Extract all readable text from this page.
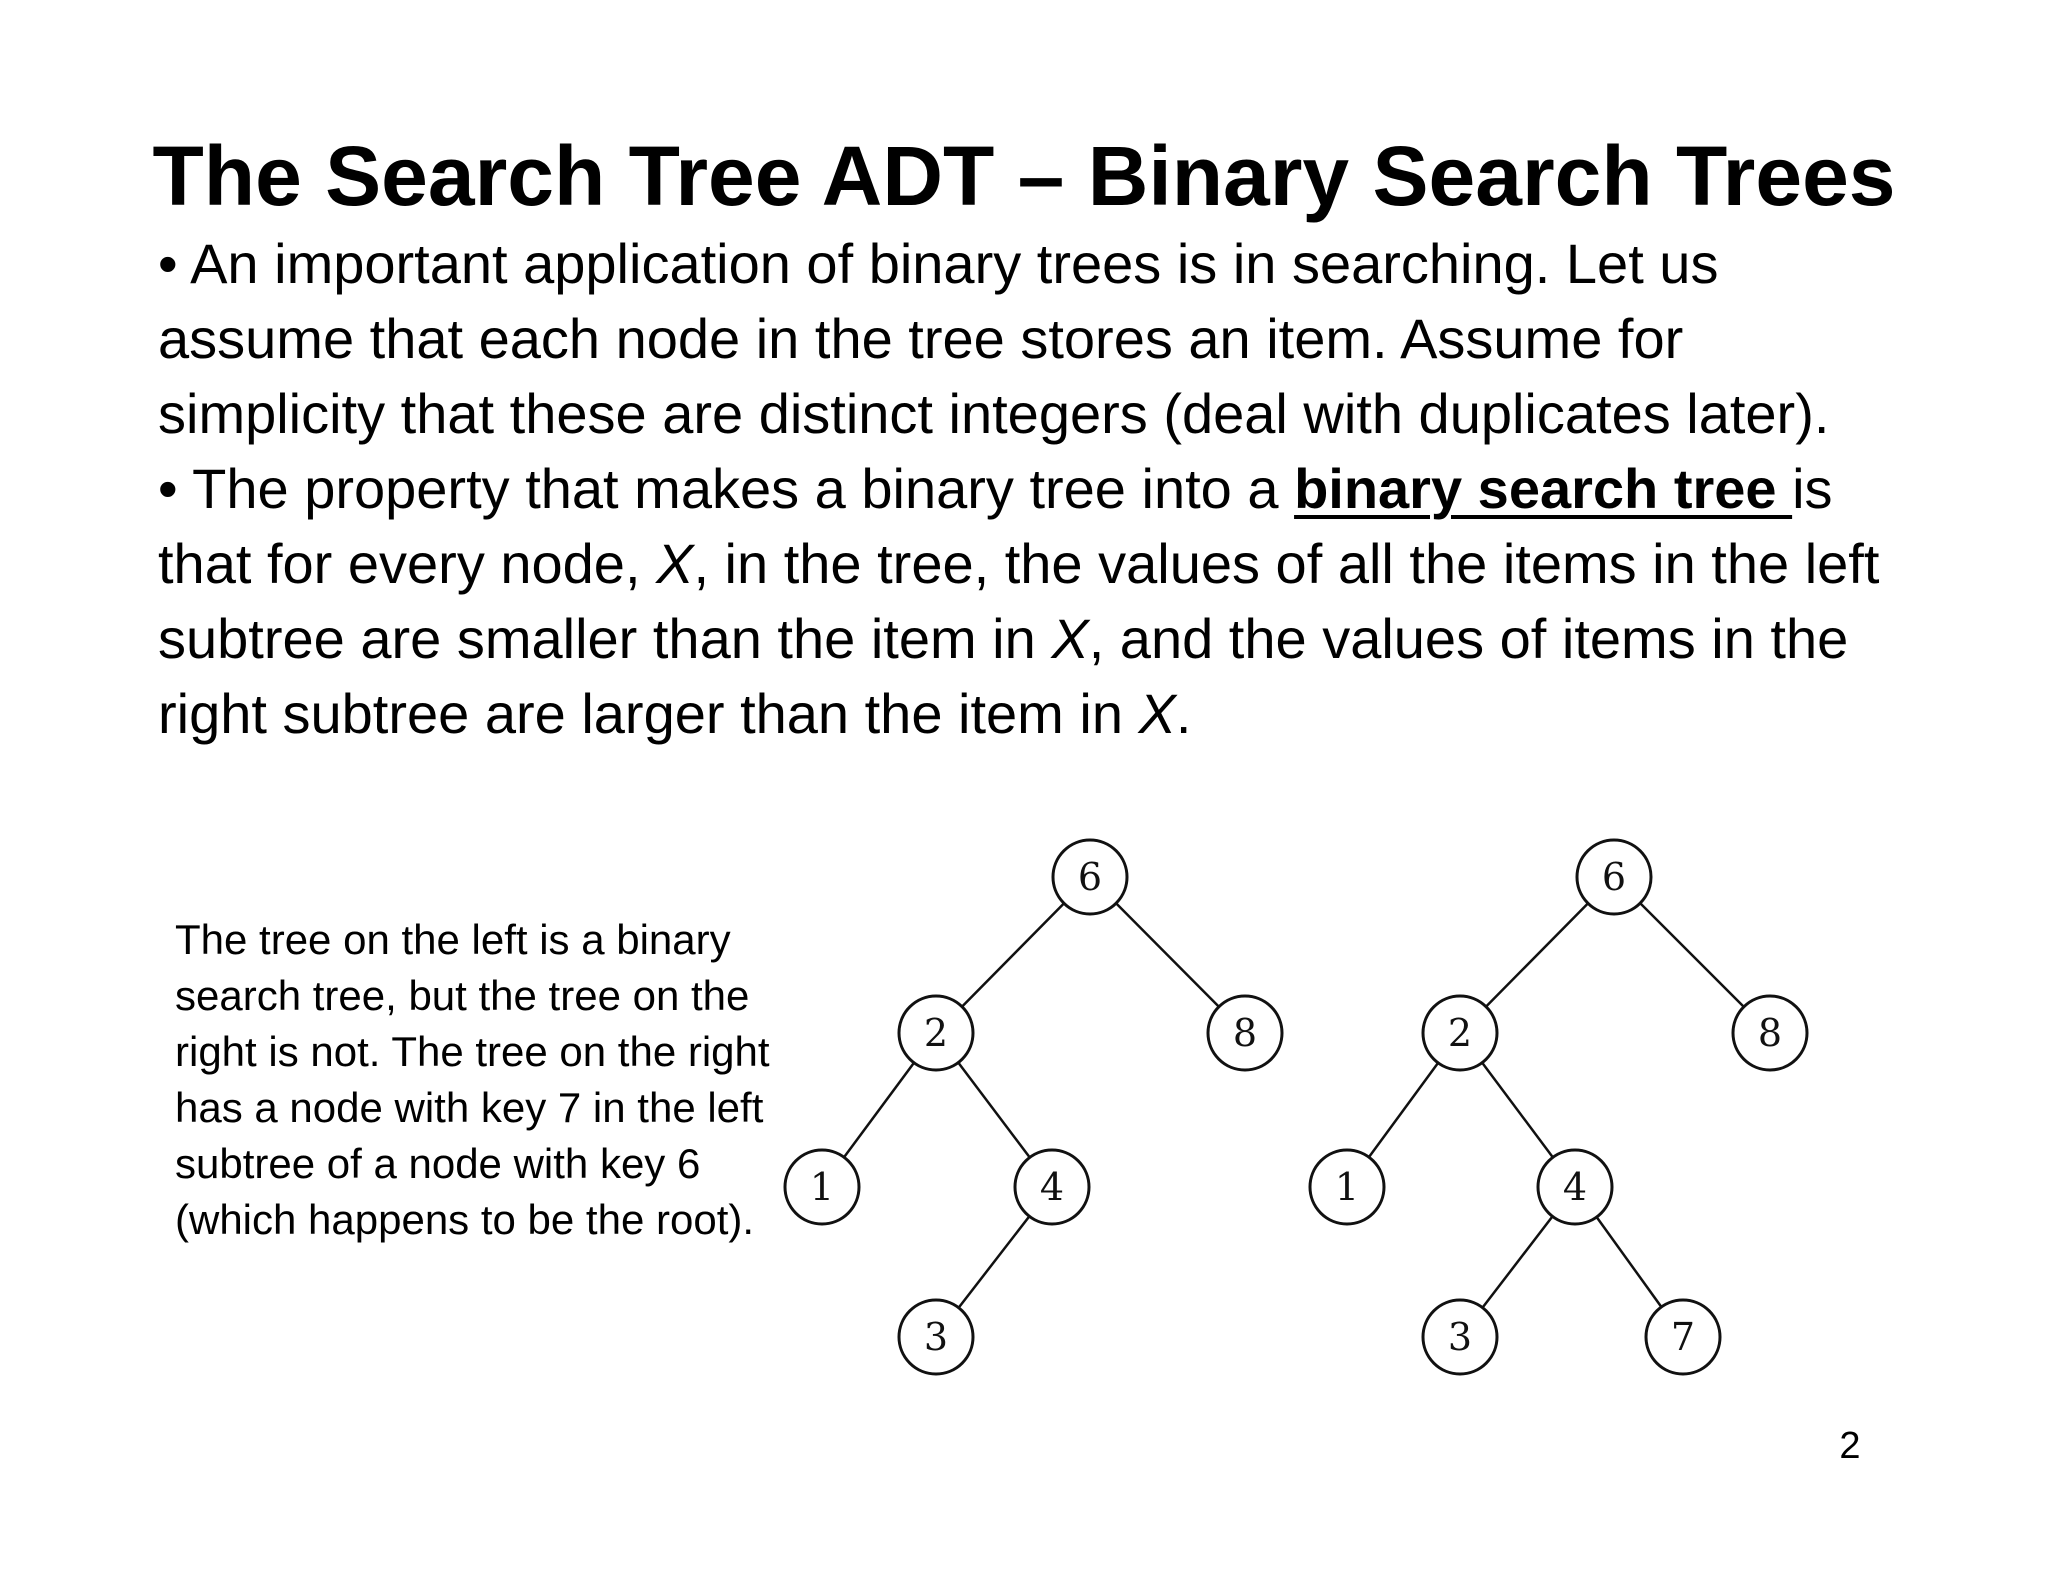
The Search Tree ADT – Binary Search Trees

• An important application of binary trees is in searching. Let us assume that each node in the tree stores an item. Assume for simplicity that these are distinct integers (deal with duplicates later).

• The property that makes a binary tree into a binary search tree is that for every node, X, in the tree, the values of all the items in the left subtree are smaller than the item in X, and the values of items in the right subtree are larger than the item in X.

The tree on the left is a binary search tree, but the tree on the right is not. The tree on the right has a node with key 7 in the left subtree of a node with key 6 (which happens to be the root).
6
2	8
1	4
3
6
2	8
1	4
3	7
2
